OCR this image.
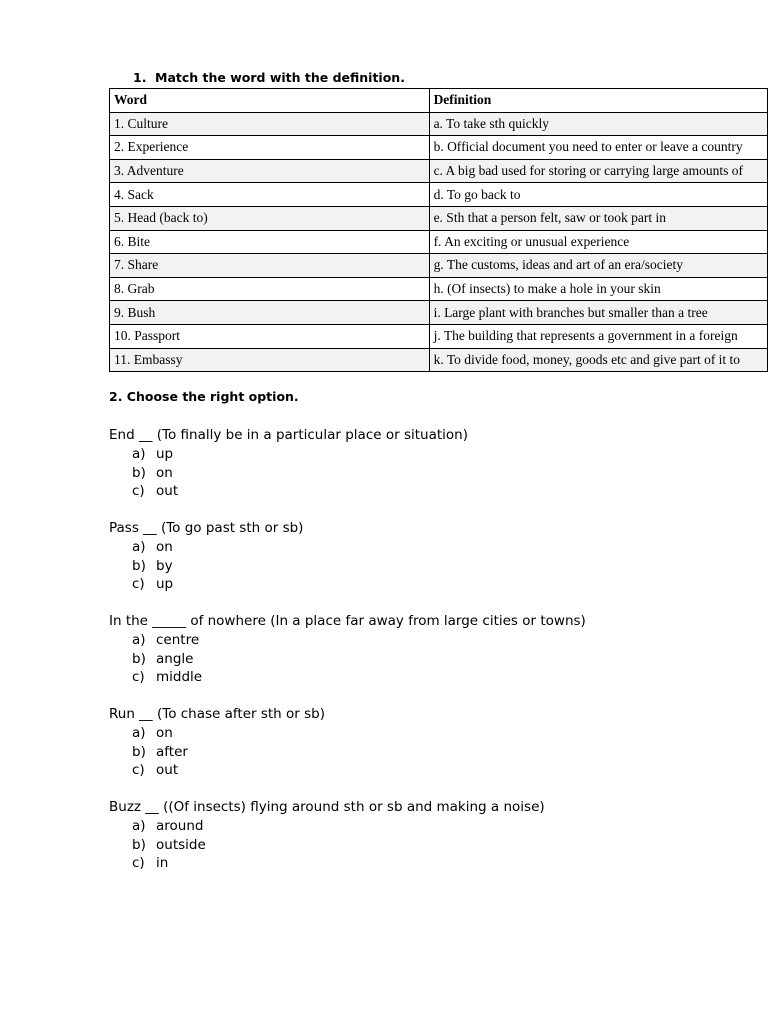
1. Match the word with the definition.
Word	Definition
1. Culture	a. To take sth quickly
2. Experience	b. Official document you need to enter or leave a country
3. Adventure	c. A big bad used for storing or carrying large amounts of
4. Sack	d. To go back to
5. Head (back to)	e. Sth that a person felt, saw or took part in
6. Bite	f. An exciting or unusual experience
7. Share	g. The customs, ideas and art of an era/society
8. Grab	h. (Of insects) to make a hole in your skin
9. Bush	i. Large plant with branches but smaller than a tree
10. Passport	j. The building that represents a government in a foreign
11. Embassy	k. To divide food, money, goods etc and give part of it to
2. Choose the right option.
End __ (To finally be in a particular place or situation)
a) up
b) on
c) out
Pass __ (To go past sth or sb)
a) on
b) by
c) up
In the _____ of nowhere (In a place far away from large cities or towns)
a) centre
b) angle
c) middle
Run __ (To chase after sth or sb)
a) on
b) after
c) out
Buzz __ ((Of insects) flying around sth or sb and making a noise)
a) around
b) outside
c) in
